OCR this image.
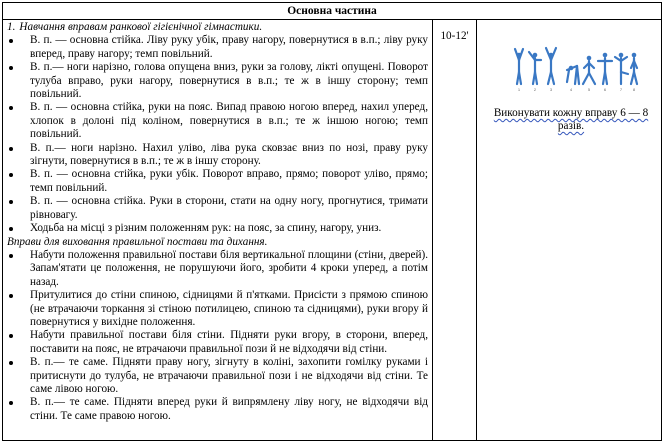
Основна частина

1. Навчання вправам ранкової гігієнічної гімнастики.

В. п. — основна стійка. Ліву руку убік, праву нагору, повернутися в в.п.; ліву руку вперед, праву нагору; темп повільний.
В. п.— ноги нарізно, голова опущена вниз, руки за голову, лікті опущені. Поворот тулуба вправо, руки нагору, повернутися в в.п.; те ж в іншу сторону; темп повільний.
В. п. — основна стійка, руки на пояс. Випад правою ногою вперед, нахил уперед, хлопок в долоні під коліном, повернутися в в.п.; те ж іншою ногою; темп повільний.
В. п.— ноги нарізно. Нахил уліво, ліва рука сковзає вниз по нозі, праву руку зігнути, повернутися в в.п.; те ж в іншу сторону.
В. п. — основна стійка, руки убік. Поворот вправо, прямо; поворот уліво, прямо; темп повільний.
В. п. — основна стійка. Руки в сторони, стати на одну ногу, прогнутися, тримати рівновагу.
Ходьба на місці з різним положенням рук: на пояс, за спину, нагору, униз.

Вправи для виховання правильної постави та дихання.

Набути положення правильної постави біля вертикальної площини (стіни, дверей). Запам'ятати це положення, не порушуючи його, зробити 4 кроки уперед, а потім назад.
Притулитися до стіни спиною, сідницями й п'ятками. Присісти з прямою спиною (не втрачаючи торкання зі стіною потилицею, спиною та сідницями), руки вгору й повернутися у вихідне положення.
Набути правильної постави біля стіни. Підняти руки вгору, в сторони, вперед, поставити на пояс, не втрачаючи правильної пози й не відходячи від стіни.
В. п.— те саме. Підняти праву ногу, зігнуту в коліні, захопити гомілку руками і притиснути до тулуба, не втрачаючи правильної пози і не відходячи від стіни. Те саме лівою ногою.
В. п.— те саме. Підняти вперед руки й випрямлену ліву ногу, не відходячи від стіни. Те саме правою ногою.
	10-12'	
1	2	3	4	5	6	7	8
Виконувати кожну вправу 6 — 8 разів.
